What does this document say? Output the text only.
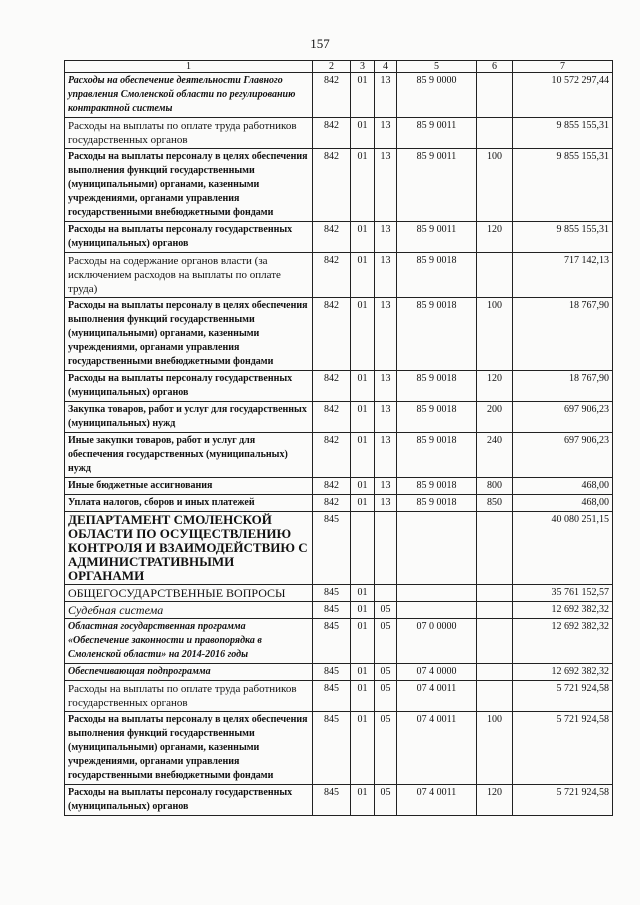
157
1	2	3	4	5	6	7
Расходы на обеспечение деятельности Главного управления Смоленской области по регулированию контрактной системы	842	01	13	85 9 0000		10 572 297,44
Расходы на выплаты по оплате труда работников государственных органов	842	01	13	85 9 0011		9 855 155,31
Расходы на выплаты персоналу в целях обеспечения выполнения функций государственными (муниципальными) органами, казенными учреждениями, органами управления государственными внебюджетными фондами	842	01	13	85 9 0011	100	9 855 155,31
Расходы на выплаты персоналу государственных (муниципальных) органов	842	01	13	85 9 0011	120	9 855 155,31
Расходы на содержание органов власти (за исключением расходов на выплаты по оплате труда)	842	01	13	85 9 0018		717 142,13
Расходы на выплаты персоналу в целях обеспечения выполнения функций государственными (муниципальными) органами, казенными учреждениями, органами управления государственными внебюджетными фондами	842	01	13	85 9 0018	100	18 767,90
Расходы на выплаты персоналу государственных (муниципальных) органов	842	01	13	85 9 0018	120	18 767,90
Закупка товаров, работ и услуг для государственных (муниципальных) нужд	842	01	13	85 9 0018	200	697 906,23
Иные закупки товаров, работ и услуг для обеспечения государственных (муниципальных) нужд	842	01	13	85 9 0018	240	697 906,23
Иные бюджетные ассигнования	842	01	13	85 9 0018	800	468,00
Уплата налогов, сборов и иных платежей	842	01	13	85 9 0018	850	468,00
ДЕПАРТАМЕНТ СМОЛЕНСКОЙ ОБЛАСТИ ПО ОСУЩЕСТВЛЕНИЮ КОНТРОЛЯ И ВЗАИМОДЕЙСТВИЮ С АДМИНИСТРАТИВНЫМИ ОРГАНАМИ	845					40 080 251,15
ОБЩЕГОСУДАРСТВЕННЫЕ ВОПРОСЫ	845	01				35 761 152,57
Судебная система	845	01	05			12 692 382,32
Областная государственная программа «Обеспечение законности и правопорядка в Смоленской области» на 2014-2016 годы	845	01	05	07 0 0000		12 692 382,32
Обеспечивающая подпрограмма	845	01	05	07 4 0000		12 692 382,32
Расходы на выплаты по оплате труда работников государственных органов	845	01	05	07 4 0011		5 721 924,58
Расходы на выплаты персоналу в целях обеспечения выполнения функций государственными (муниципальными) органами, казенными учреждениями, органами управления государственными внебюджетными фондами	845	01	05	07 4 0011	100	5 721 924,58
Расходы на выплаты персоналу государственных (муниципальных) органов	845	01	05	07 4 0011	120	5 721 924,58
